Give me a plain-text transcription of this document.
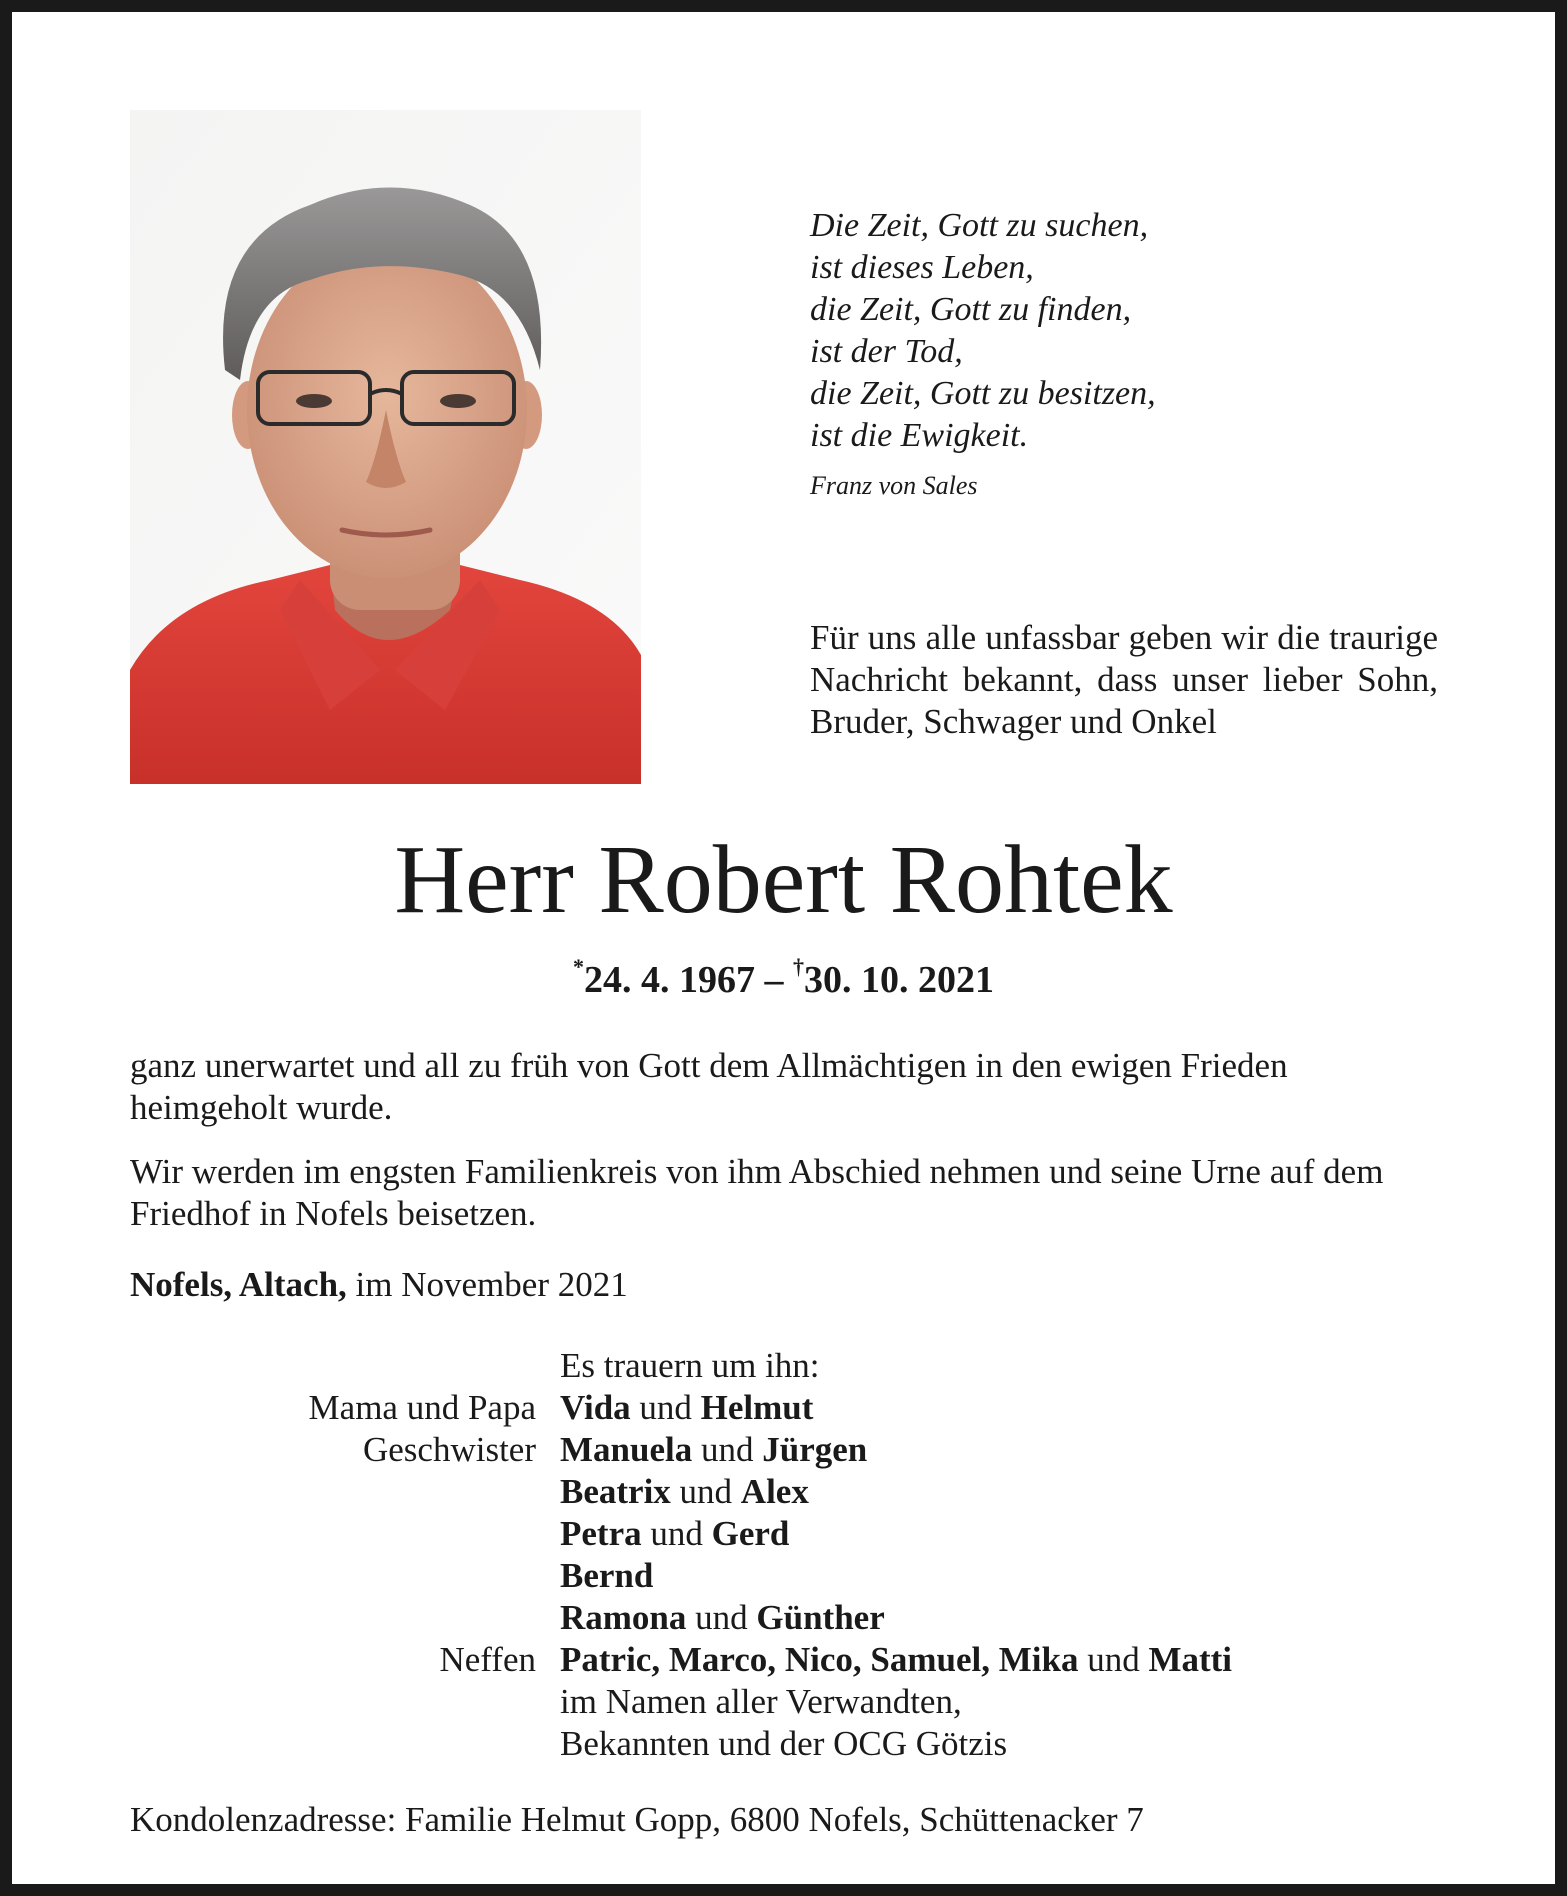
Die Zeit, Gott zu suchen,
ist dieses Leben,
die Zeit, Gott zu finden,
ist der Tod,
die Zeit, Gott zu besitzen,
ist die Ewigkeit.
Franz von Sales
Für uns alle unfassbar geben wir die traurige Nachricht bekannt, dass unser lieber Sohn, Bruder, Schwager und Onkel
Herr Robert Rohtek
*24. 4. 1967 – †30. 10. 2021
ganz unerwartet und all zu früh von Gott dem Allmächtigen in den ewigen Frieden heimgeholt wurde.
Wir werden im engsten Familienkreis von ihm Abschied nehmen und seine Urne auf dem Friedhof in Nofels beisetzen.
Nofels, Altach, im November 2021
Es trauern um ihn:
Mama und Papa Vida und Helmut
Geschwister Manuela und Jürgen
Beatrix und Alex
Petra und Gerd
Bernd
Ramona und Günther
Neffen Patric, Marco, Nico, Samuel, Mika und Matti
im Namen aller Verwandten,
Bekannten und der OCG Götzis
Kondolenzadresse: Familie Helmut Gopp, 6800 Nofels, Schüttenacker 7
